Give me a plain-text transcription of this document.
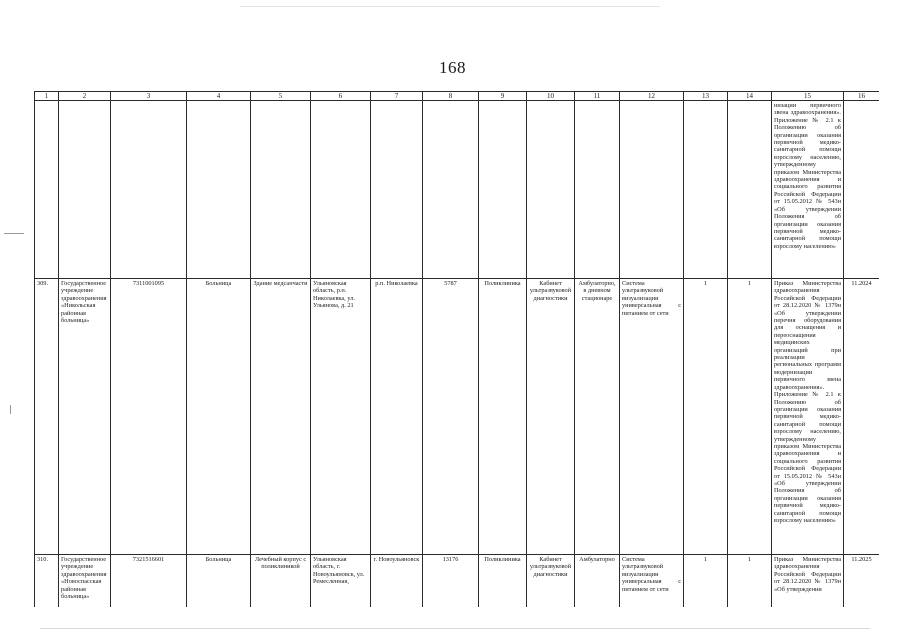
168
1	2	3	4	5	6	7	8	9	10	11	12	13	14	15	16
														низации первичного звена здравоохранения». Приложение № 2.1 к Положению об организации оказания первичной медико-санитарной помощи взрослому населению, утвержденному приказом Министерства здравоохранения и социального развития Российской Федерации от 15.05.2012 № 543н «Об утверждении Положения об организации оказания первичной медико-санитарной помощи взрослому населению»	
309.	Государственное учреждение здравоохранения «Никольская районная больница»	7311001095	Больница	Здание медсанчасти	Ульяновская область, р.п. Николаевка, ул. Ульянова, д. 21	р.п. Николаевка	5787	Поликлиника	Кабинет ультразвуковой диагностики	Амбулаторно, в дневном стационаре	Система ультразвуковой визуализации универсальная с питанием от сети	1	1	Приказ Министерства здравоохранения Российской Федерации от 28.12.2020 № 1379н «Об утверждении перечня оборудования для оснащения и переоснащения медицинских организаций при реализации региональных программ модернизации первичного звена здравоохранения». Приложение № 2.1 к Положению об организации оказания первичной медико-санитарной помощи взрослому населению, утвержденному приказом Министерства здравоохранения и социального развития Российской Федерации от 15.05.2012 № 543н «Об утверждении Положения об организации оказания первичной медико-санитарной помощи взрослому населению»	11.2024
310.	Государственное учреждение здравоохранения «Новоспасская районная больница»	7321516601	Больница	Лечебный корпус с поликлиникой	Ульяновская область, г. Новоульяновск, ул. Ремесленная,	г. Новоульяновск	13176	Поликлиника	Кабинет ультразвуковой диагностики	Амбулаторно	Система ультразвуковой визуализации универсальная с питанием от сети	1	1	Приказ Министерства здравоохранения Российской Федерации от 28.12.2020 № 1379н «Об утверждении	11.2025
